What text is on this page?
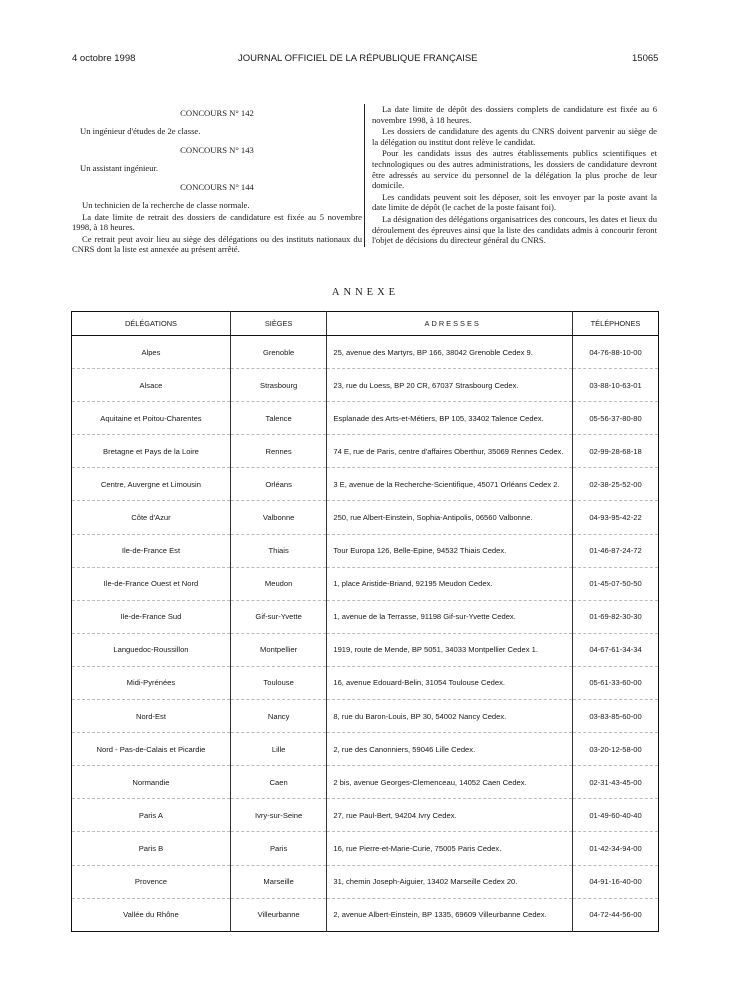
4 octobre 1998	JOURNAL OFFICIEL DE LA RÉPUBLIQUE FRANÇAISE	15065

CONCOURS N° 142

Un ingénieur d'études de 2e classe.

CONCOURS N° 143

Un assistant ingénieur.

CONCOURS N° 144

Un technicien de la recherche de classe normale.

La date limite de retrait des dossiers de candidature est fixée au 5 novembre 1998, à 18 heures.

Ce retrait peut avoir lieu au siège des délégations ou des instituts nationaux du CNRS dont la liste est annexée au présent arrêté.

La date limite de dépôt des dossiers complets de candidature est fixée au 6 novembre 1998, à 18 heures.

Les dossiers de candidature des agents du CNRS doivent parvenir au siège de la délégation ou institut dont relève le candidat.

Pour les candidats issus des autres établissements publics scientifiques et technologiques ou des autres administrations, les dossiers de candidature devront être adressés au service du personnel de la délégation la plus proche de leur domicile.

Les candidats peuvent soit les déposer, soit les envoyer par la poste avant la date limite de dépôt (le cachet de la poste faisant foi).

La désignation des délégations organisatrices des concours, les dates et lieux du déroulement des épreuves ainsi que la liste des candidats admis à concourir feront l'objet de décisions du directeur général du CNRS.

ANNEXE
DÉLÉGATIONS	SIÈGES	ADRESSES	TÉLÉPHONES
Alpes	Grenoble	25, avenue des Martyrs, BP 166, 38042 Grenoble Cedex 9.	04-76-88-10-00
Alsace	Strasbourg	23, rue du Loess, BP 20 CR, 67037 Strasbourg Cedex.	03-88-10-63-01
Aquitaine et Poitou-Charentes	Talence	Esplanade des Arts-et-Métiers, BP 105, 33402 Talence Cedex.	05-56-37-80-80
Bretagne et Pays de la Loire	Rennes	74 E, rue de Paris, centre d'affaires Oberthur, 35069 Rennes Cedex.	02-99-28-68-18
Centre, Auvergne et Limousin	Orléans	3 E, avenue de la Recherche-Scientifique, 45071 Orléans Cedex 2.	02-38-25-52-00
Côte d'Azur	Valbonne	250, rue Albert-Einstein, Sophia-Antipolis, 06560 Valbonne.	04-93-95-42-22
Ile-de-France Est	Thiais	Tour Europa 126, Belle-Epine, 94532 Thiais Cedex.	01-46-87-24-72
Ile-de-France Ouest et Nord	Meudon	1, place Aristide-Briand, 92195 Meudon Cedex.	01-45-07-50-50
Ile-de-France Sud	Gif-sur-Yvette	1, avenue de la Terrasse, 91198 Gif-sur-Yvette Cedex.	01-69-82-30-30
Languedoc-Roussillon	Montpellier	1919, route de Mende, BP 5051, 34033 Montpellier Cedex 1.	04-67-61-34-34
Midi-Pyrénées	Toulouse	16, avenue Edouard-Belin, 31054 Toulouse Cedex.	05-61-33-60-00
Nord-Est	Nancy	8, rue du Baron-Louis, BP 30, 54002 Nancy Cedex.	03-83-85-60-00
Nord - Pas-de-Calais et Picardie	Lille	2, rue des Canonniers, 59046 Lille Cedex.	03-20-12-58-00
Normandie	Caen	2 bis, avenue Georges-Clemenceau, 14052 Caen Cedex.	02-31-43-45-00
Paris A	Ivry-sur-Seine	27, rue Paul-Bert, 94204 Ivry Cedex.	01-49-60-40-40
Paris B	Paris	16, rue Pierre-et-Marie-Curie, 75005 Paris Cedex.	01-42-34-94-00
Provence	Marseille	31, chemin Joseph-Aiguier, 13402 Marseille Cedex 20.	04-91-16-40-00
Vallée du Rhône	Villeurbanne	2, avenue Albert-Einstein, BP 1335, 69609 Villeurbanne Cedex.	04-72-44-56-00
